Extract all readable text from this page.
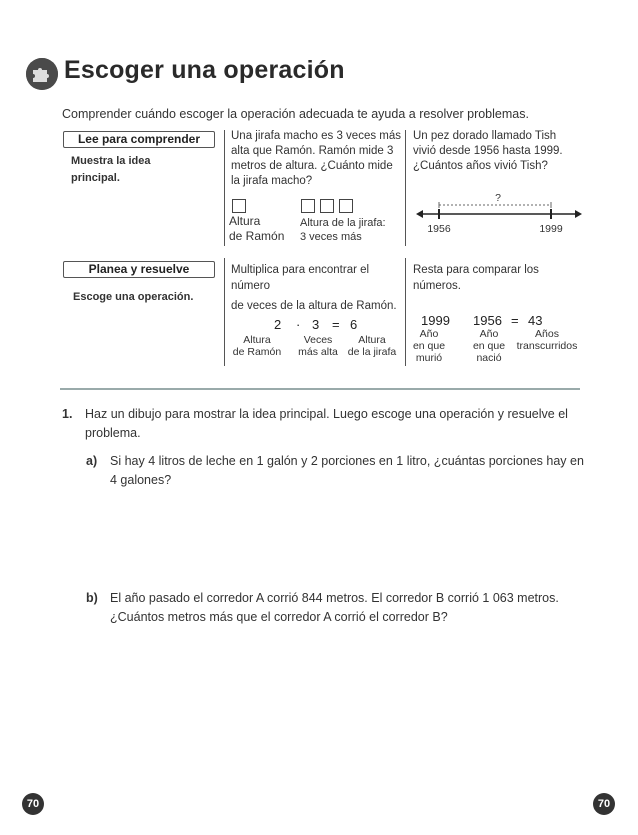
Escoger una operación
Comprender cuándo escoger la operación adecuada te ayuda a resolver problemas.
Lee para comprender
Muestra la idea
principal.
Una jirafa macho es 3 veces más
alta que Ramón. Ramón mide 3
metros de altura. ¿Cuánto mide
la jirafa macho?
Altura
de Ramón
Altura de la jirafa:
3 veces más
Un pez dorado llamado Tish
vivió desde 1956 hasta 1999.
¿Cuántos años vivió Tish?
?
1956	1999
Planea y resuelve
Escoge una operación.
Multiplica para encontrar el
número
de veces de la altura de Ramón.
2 · 3 = 6
Altura
de Ramón
Veces
más alta
Altura
de la jirafa
Resta para comparar los
números.
1999 1956 = 43
Año
en que
murió
Año
en que
nació
Años
transcurridos
1. Haz un dibujo para mostrar la idea principal. Luego escoge una operación y resuelve el
problema.
a) Si hay 4 litros de leche en 1 galón y 2 porciones en 1 litro, ¿cuántas porciones hay en
4 galones?
b) El año pasado el corredor A corrió 844 metros. El corredor B corrió 1 063 metros.
¿Cuántos metros más que el corredor A corrió el corredor B?
70	70
